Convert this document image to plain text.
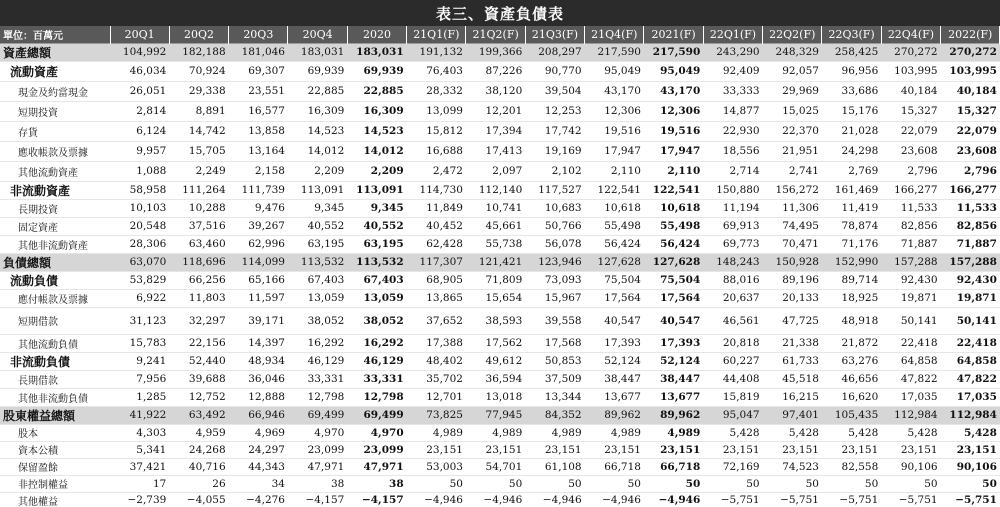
表三、資產負債表
單位：百萬元	20Q1	20Q2	20Q3	20Q4	2020	21Q1(F)	21Q2(F)	21Q3(F)	21Q4(F)	2021(F)	22Q1(F)	22Q2(F)	22Q3(F)	22Q4(F)	2022(F)
資產總額	104,992	182,188	181,046	183,031	183,031	191,132	199,366	208,297	217,590	217,590	243,290	248,329	258,425	270,272	270,272
流動資產	46,034	70,924	69,307	69,939	69,939	76,403	87,226	90,770	95,049	95,049	92,409	92,057	96,956	103,995	103,995
現金及約當現金	26,051	29,338	23,551	22,885	22,885	28,332	38,120	39,504	43,170	43,170	33,333	29,969	33,686	40,184	40,184
短期投資	2,814	8,891	16,577	16,309	16,309	13,099	12,201	12,253	12,306	12,306	14,877	15,025	15,176	15,327	15,327
存貨	6,124	14,742	13,858	14,523	14,523	15,812	17,394	17,742	19,516	19,516	22,930	22,370	21,028	22,079	22,079
應收帳款及票據	9,957	15,705	13,164	14,012	14,012	16,688	17,413	19,169	17,947	17,947	18,556	21,951	24,298	23,608	23,608
其他流動資產	1,088	2,249	2,158	2,209	2,209	2,472	2,097	2,102	2,110	2,110	2,714	2,741	2,769	2,796	2,796
非流動資產	58,958	111,264	111,739	113,091	113,091	114,730	112,140	117,527	122,541	122,541	150,880	156,272	161,469	166,277	166,277
長期投資	10,103	10,288	9,476	9,345	9,345	11,849	10,741	10,683	10,618	10,618	11,194	11,306	11,419	11,533	11,533
固定資產	20,548	37,516	39,267	40,552	40,552	40,452	45,661	50,766	55,498	55,498	69,913	74,495	78,874	82,856	82,856
其他非流動資產	28,306	63,460	62,996	63,195	63,195	62,428	55,738	56,078	56,424	56,424	69,773	70,471	71,176	71,887	71,887
負債總額	63,070	118,696	114,099	113,532	113,532	117,307	121,421	123,946	127,628	127,628	148,243	150,928	152,990	157,288	157,288
流動負債	53,829	66,256	65,166	67,403	67,403	68,905	71,809	73,093	75,504	75,504	88,016	89,196	89,714	92,430	92,430
應付帳款及票據	6,922	11,803	11,597	13,059	13,059	13,865	15,654	15,967	17,564	17,564	20,637	20,133	18,925	19,871	19,871
短期借款	31,123	32,297	39,171	38,052	38,052	37,652	38,593	39,558	40,547	40,547	46,561	47,725	48,918	50,141	50,141
其他流動負債	15,783	22,156	14,397	16,292	16,292	17,388	17,562	17,568	17,393	17,393	20,818	21,338	21,872	22,418	22,418
非流動負債	9,241	52,440	48,934	46,129	46,129	48,402	49,612	50,853	52,124	52,124	60,227	61,733	63,276	64,858	64,858
長期借款	7,956	39,688	36,046	33,331	33,331	35,702	36,594	37,509	38,447	38,447	44,408	45,518	46,656	47,822	47,822
其他非流動負債	1,285	12,752	12,888	12,798	12,798	12,701	13,018	13,344	13,677	13,677	15,819	16,215	16,620	17,035	17,035
股東權益總額	41,922	63,492	66,946	69,499	69,499	73,825	77,945	84,352	89,962	89,962	95,047	97,401	105,435	112,984	112,984
股本	4,303	4,959	4,969	4,970	4,970	4,989	4,989	4,989	4,989	4,989	5,428	5,428	5,428	5,428	5,428
資本公積	5,341	24,268	24,297	23,099	23,099	23,151	23,151	23,151	23,151	23,151	23,151	23,151	23,151	23,151	23,151
保留盈餘	37,421	40,716	44,343	47,971	47,971	53,003	54,701	61,108	66,718	66,718	72,169	74,523	82,558	90,106	90,106
非控制權益	17	26	34	38	38	50	50	50	50	50	50	50	50	50	50
其他權益	−2,739	−4,055	−4,276	−4,157	−4,157	−4,946	−4,946	−4,946	−4,946	−4,946	−5,751	−5,751	−5,751	−5,751	−5,751
